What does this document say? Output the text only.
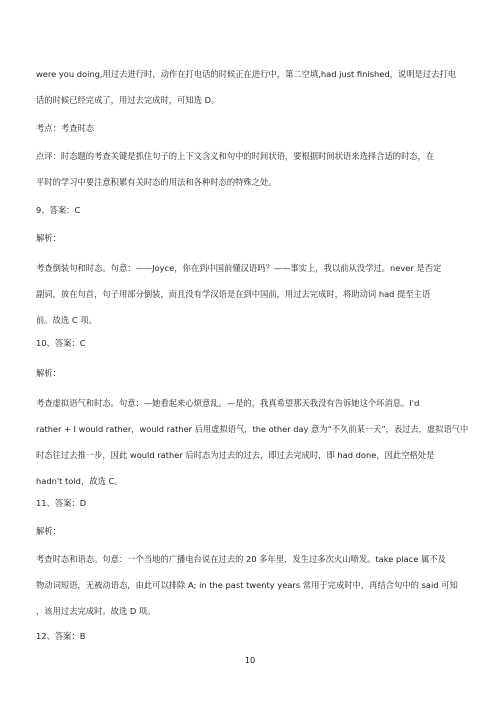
were you doing,用过去进行时，动作在打电话的时候正在进行中，第二空填,had just finished，说明是过去打电
话的时候已经完成了，用过去完成时，可知选 D。
考点：考查时态
点评：时态题的考查关键是抓住句子的上下文含义和句中的时间状语，要根据时间状语来选择合适的时态，在
平时的学习中要注意积累有关时态的用法和各种时态的特殊之处。
9、答案：C
解析：
考查倒装句和时态。句意：——Joyce，你在到中国前懂汉语吗？——事实上，我以前从没学过。never 是否定
副词，放在句首，句子用部分倒装，而且没有学汉语是在到中国前，用过去完成时，将助动词 had 提至主语
前。故选 C 项。
10、答案：C
解析：
考查虚拟语气和时态。句意：—她看起来心烦意乱。—是的，我真希望那天我没有告诉她这个坏消息。I'd
rather + I would rather，would rather 后用虚拟语气，the other day 意为“不久前某一天”，表过去，虚拟语气中
时态往过去推一步，因此 would rather 后时态为过去的过去，即过去完成时，即 had done，因此空格处是
hadn't told，故选 C。
11、答案：D
解析：
考查时态和语态。句意：一个当地的广播电台说在过去的 20 多年里，发生过多次火山喷发。take place 属不及
物动词短语，无被动语态，由此可以排除 A; in the past twenty years 常用于完成时中，再结合句中的 said 可知
，该用过去完成时。故选 D 项。
12、答案：B
10
